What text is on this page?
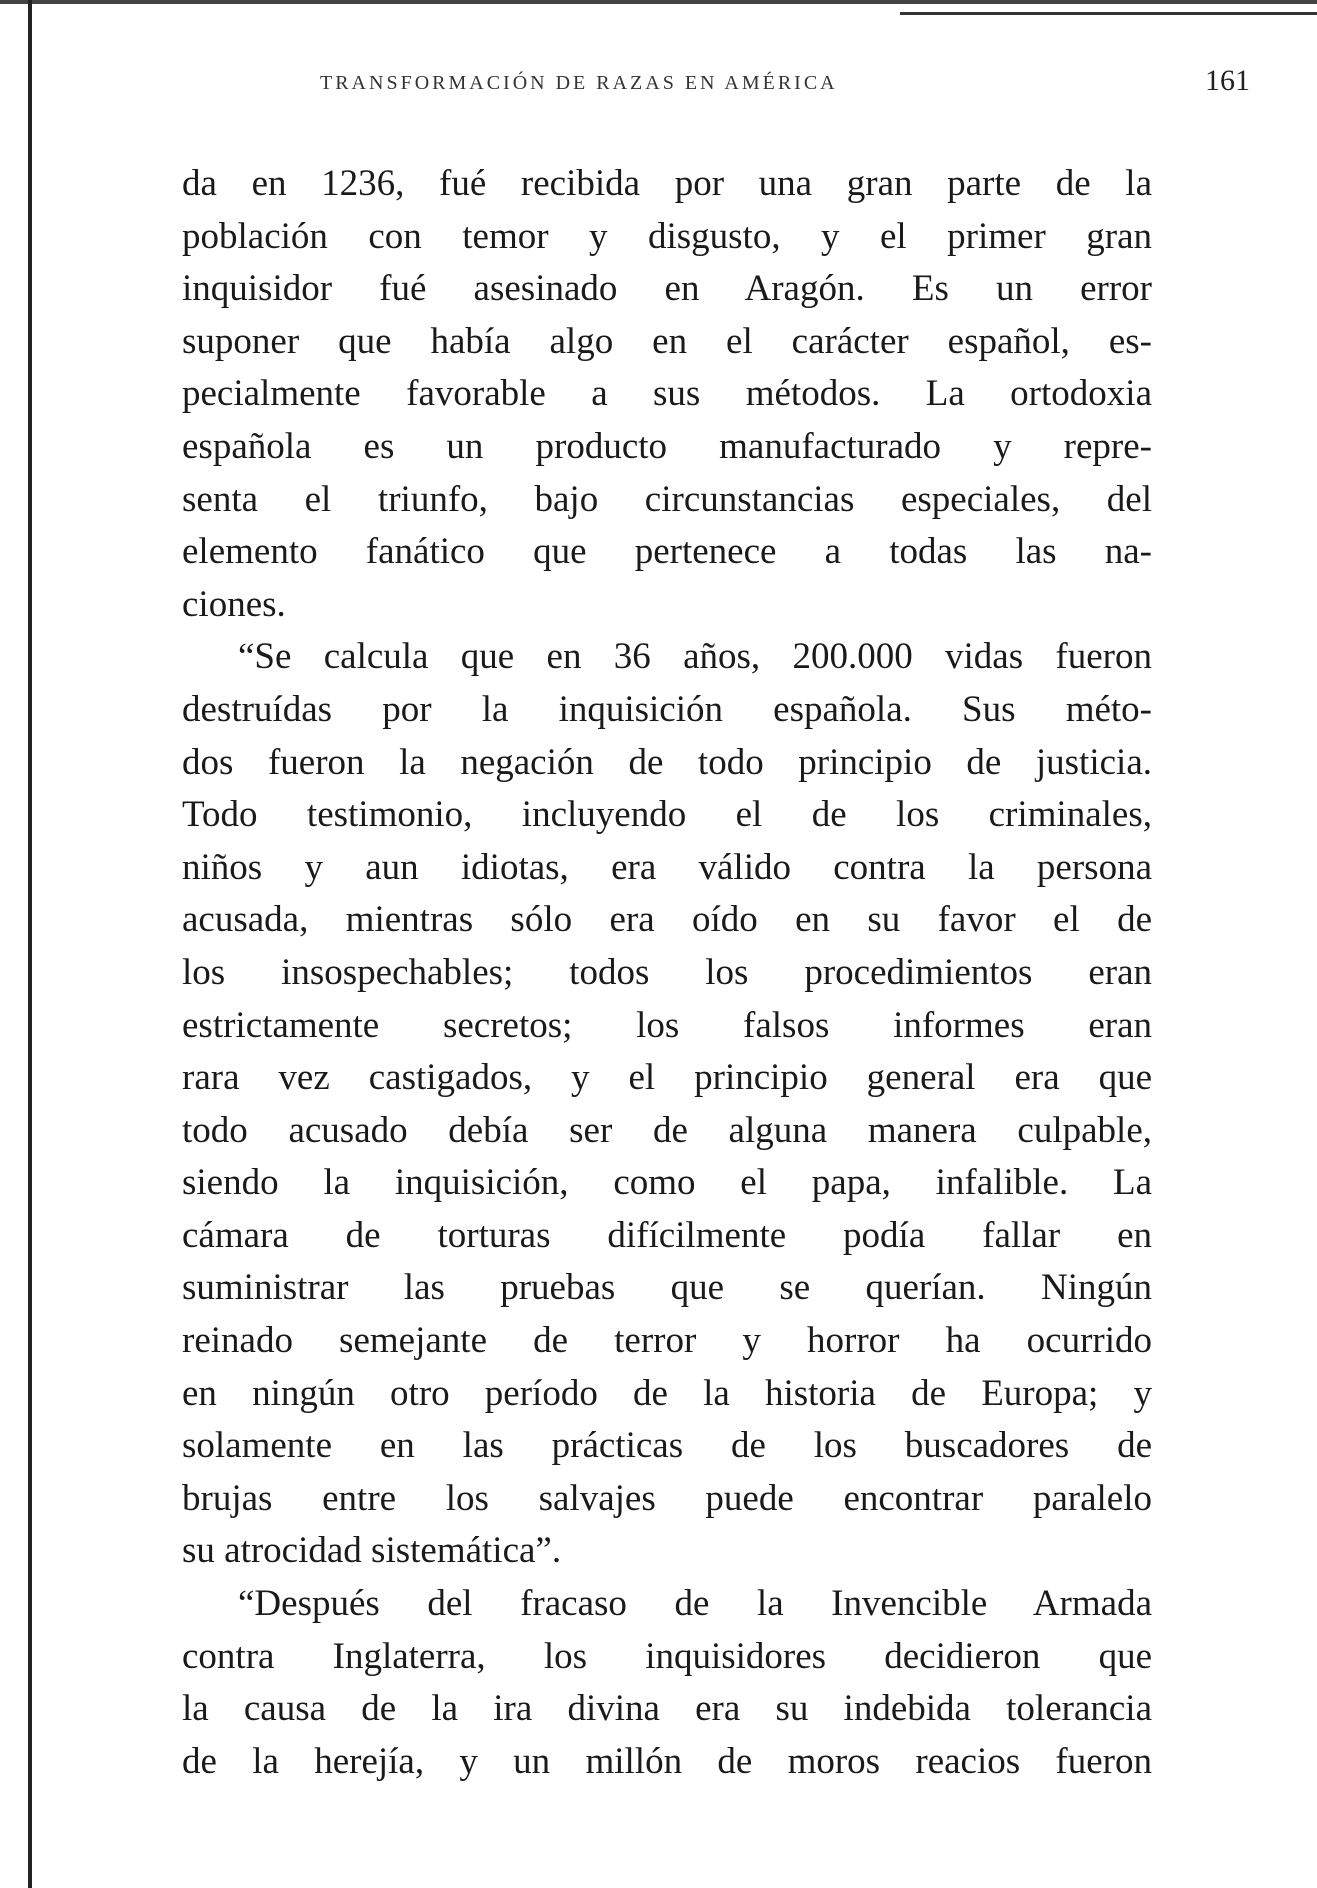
TRANSFORMACIÓN DE RAZAS EN AMÉRICA	161
da en 1236, fué recibida por una gran parte de la
población con temor y disgusto, y el primer gran
inquisidor fué asesinado en Aragón. Es un error
suponer que había algo en el carácter español, es-
pecialmente favorable a sus métodos. La ortodoxia
española es un producto manufacturado y repre-
senta el triunfo, bajo circunstancias especiales, del
elemento fanático que pertenece a todas las na-
ciones.
“Se calcula que en 36 años, 200.000 vidas fueron
destruídas por la inquisición española. Sus méto-
dos fueron la negación de todo principio de justicia.
Todo testimonio, incluyendo el de los criminales,
niños y aun idiotas, era válido contra la persona
acusada, mientras sólo era oído en su favor el de
los insospechables; todos los procedimientos eran
estrictamente secretos; los falsos informes eran
rara vez castigados, y el principio general era que
todo acusado debía ser de alguna manera culpable,
siendo la inquisición, como el papa, infalible. La
cámara de torturas difícilmente podía fallar en
suministrar las pruebas que se querían. Ningún
reinado semejante de terror y horror ha ocurrido
en ningún otro período de la historia de Europa; y
solamente en las prácticas de los buscadores de
brujas entre los salvajes puede encontrar paralelo
su atrocidad sistemática”.
“Después del fracaso de la Invencible Armada
contra Inglaterra, los inquisidores decidieron que
la causa de la ira divina era su indebida tolerancia
de la herejía, y un millón de moros reacios fueron
